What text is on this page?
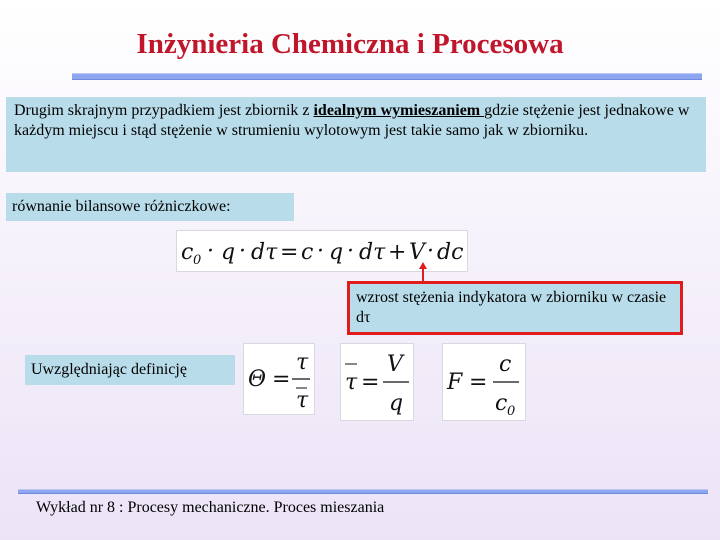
Inżynieria Chemiczna i Procesowa
Drugim skrajnym przypadkiem jest zbiornik z idealnym wymieszaniem gdzie stężenie jest jednakowe w każdym miejscu i stąd stężenie w strumieniu wylotowym jest takie samo jak w zbiorniku.
równanie bilansowe różniczkowe:
c 0 · q · dτ = c · q · dτ + V · dc
wzrost stężenia indykatora w zbiorniku w czasie dτ
Uwzględniając definicję	Θ =
τ
τ
τ =
V
q
F =
c
c 0
Wykład nr 8 : Procesy mechaniczne. Proces mieszania
